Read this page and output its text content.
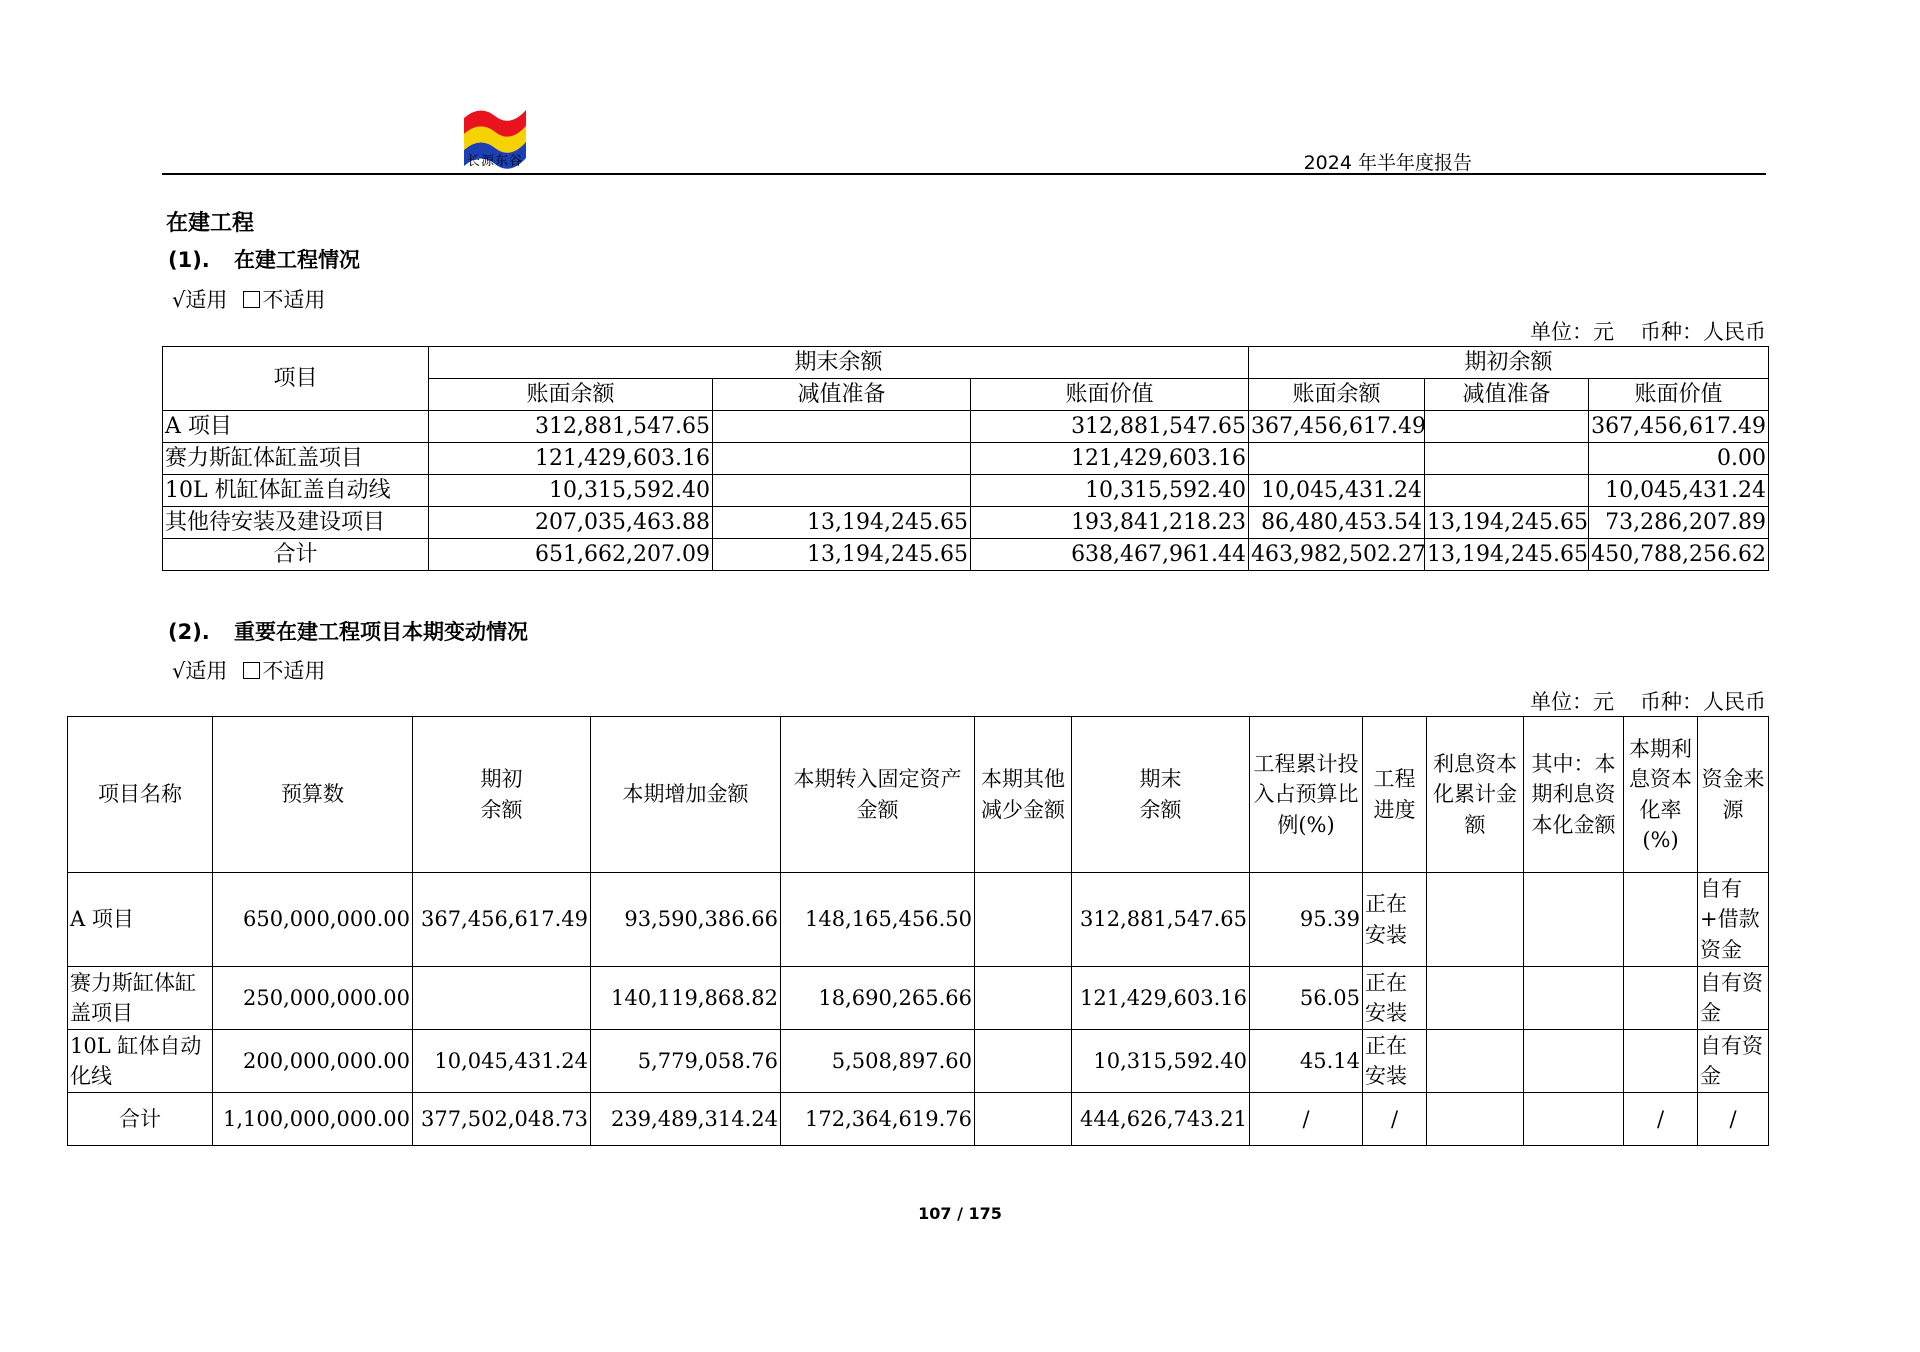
长源东谷	2024 年半年度报告
在建工程
(1). 在建工程情况
√适用 不适用
单位：元 币种：人民币
项目	期末余额			期初余额		
	账面余额	减值准备	账面价值	账面余额	减值准备	账面价值
A 项目	312,881,547.65		312,881,547.65	367,456,617.49		367,456,617.49
赛力斯缸体缸盖项目	121,429,603.16		121,429,603.16			0.00
10L 机缸体缸盖自动线	10,315,592.40		10,315,592.40	10,045,431.24		10,045,431.24
其他待安装及建设项目	207,035,463.88	13,194,245.65	193,841,218.23	86,480,453.54	13,194,245.65	73,286,207.89
合计	651,662,207.09	13,194,245.65	638,467,961.44	463,982,502.27	13,194,245.65	450,788,256.62
(2). 重要在建工程项目本期变动情况
√适用 不适用
单位：元 币种：人民币
项目名称	预算数	期初余额	本期增加金额	本期转入固定资产金额	本期其他减少金额	期末余额	工程累计投入占预算比例(%)	工程进度	利息资本化累计金额	其中：本期利息资本化金额	本期利息资本化率(%)	资金来源
A 项目	650,000,000.00	367,456,617.49	93,590,386.66	148,165,456.50		312,881,547.65	95.39	正在安装				自有+借款资金
赛力斯缸体缸盖项目	250,000,000.00		140,119,868.82	18,690,265.66		121,429,603.16	56.05	正在安装				自有资金
10L 缸体自动化线	200,000,000.00	10,045,431.24	5,779,058.76	5,508,897.60		10,315,592.40	45.14	正在安装				自有资金
合计	1,100,000,000.00	377,502,048.73	239,489,314.24	172,364,619.76		444,626,743.21	/	/			/	/
107 / 175
